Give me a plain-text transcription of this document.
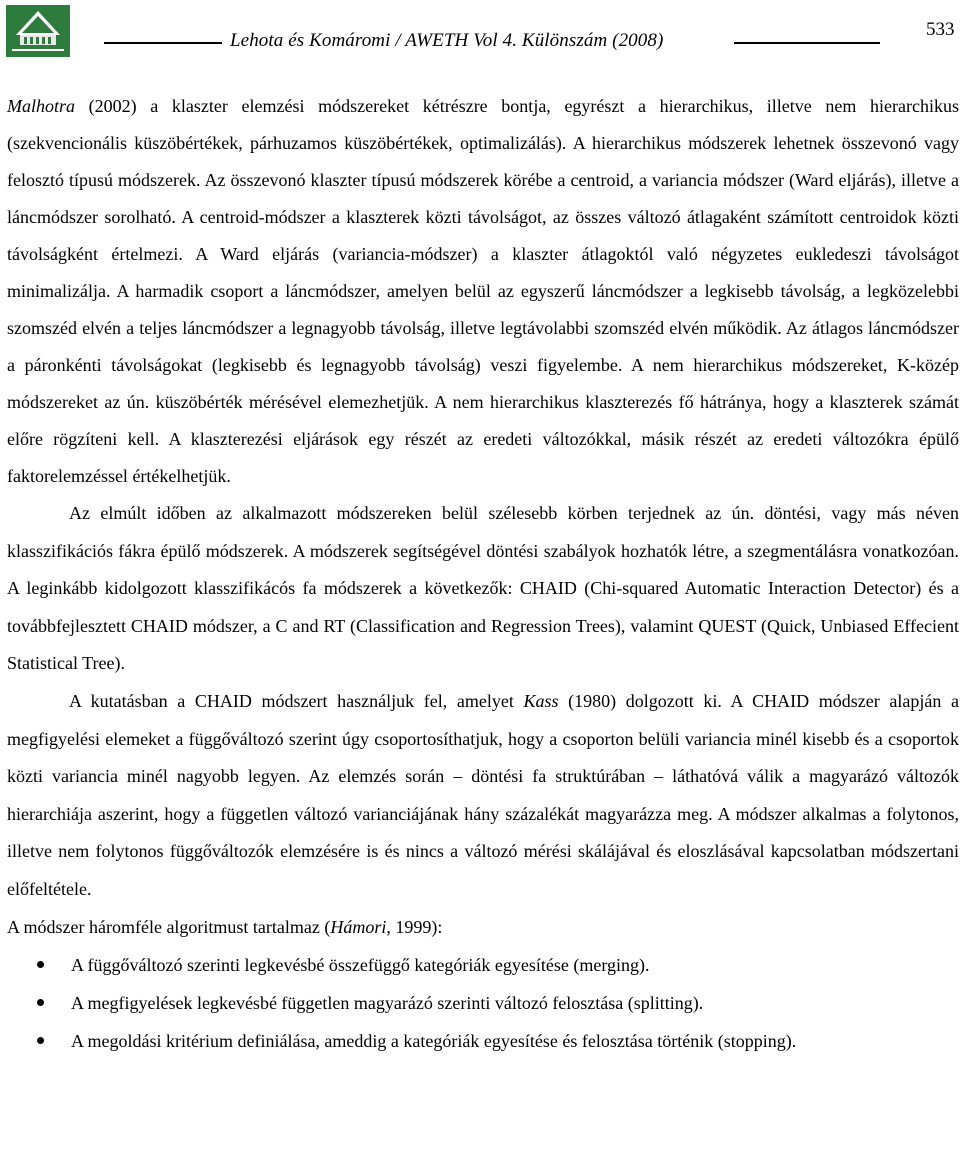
Lehota és Komáromi / AWETH Vol 4. Különszám (2008)
533

Malhotra (2002) a klaszter elemzési módszereket kétrészre bontja, egyrészt a hierarchikus, illetve nem hierarchikus (szekvencionális küszöbértékek, párhuzamos küszöbértékek, optimalizálás). A hierarchikus módszerek lehetnek összevonó vagy felosztó típusú módszerek. Az összevonó klaszter típusú módszerek körébe a centroid, a variancia módszer (Ward eljárás), illetve a láncmódszer sorolható. A centroid-módszer a klaszterek közti távolságot, az összes változó átlagaként számított centroidok közti távolságként értelmezi. A Ward eljárás (variancia-módszer) a klaszter átlagoktól való négyzetes eukledeszi távolságot minimalizálja. A harmadik csoport a láncmódszer, amelyen belül az egyszerű láncmódszer a legkisebb távolság, a legközelebbi szomszéd elvén a teljes láncmódszer a legnagyobb távolság, illetve legtávolabbi szomszéd elvén működik. Az átlagos láncmódszer a páronkénti távolságokat (legkisebb és legnagyobb távolság) veszi figyelembe. A nem hierarchikus módszereket, K-közép módszereket az ún. küszöbérték mérésével elemezhetjük. A nem hierarchikus klaszterezés fő hátránya, hogy a klaszterek számát előre rögzíteni kell. A klaszterezési eljárások egy részét az eredeti változókkal, másik részét az eredeti változókra épülő faktorelemzéssel értékelhetjük.

Az elmúlt időben az alkalmazott módszereken belül szélesebb körben terjednek az ún. döntési, vagy más néven klasszifikációs fákra épülő módszerek. A módszerek segítségével döntési szabályok hozhatók létre, a szegmentálásra vonatkozóan. A leginkább kidolgozott klasszifikácós fa módszerek a következők: CHAID (Chi-squared Automatic Interaction Detector) és a továbbfejlesztett CHAID módszer, a C and RT (Classification and Regression Trees), valamint QUEST (Quick, Unbiased Effecient Statistical Tree).

A kutatásban a CHAID módszert használjuk fel, amelyet Kass (1980) dolgozott ki. A CHAID módszer alapján a megfigyelési elemeket a függőváltozó szerint úgy csoportosíthatjuk, hogy a csoporton belüli variancia minél kisebb és a csoportok közti variancia minél nagyobb legyen. Az elemzés során – döntési fa struktúrában – láthatóvá válik a magyarázó változók hierarchiája aszerint, hogy a független változó varianciájának hány százalékát magyarázza meg. A módszer alkalmas a folytonos, illetve nem folytonos függőváltozók elemzésére is és nincs a változó mérési skálájával és eloszlásával kapcsolatban módszertani előfeltétele.

A módszer háromféle algoritmust tartalmaz (Hámori, 1999):

A függőváltozó szerinti legkevésbé összefüggő kategóriák egyesítése (merging).
A megfigyelések legkevésbé független magyarázó szerinti változó felosztása (splitting).
A megoldási kritérium definiálása, ameddig a kategóriák egyesítése és felosztása történik (stopping).
